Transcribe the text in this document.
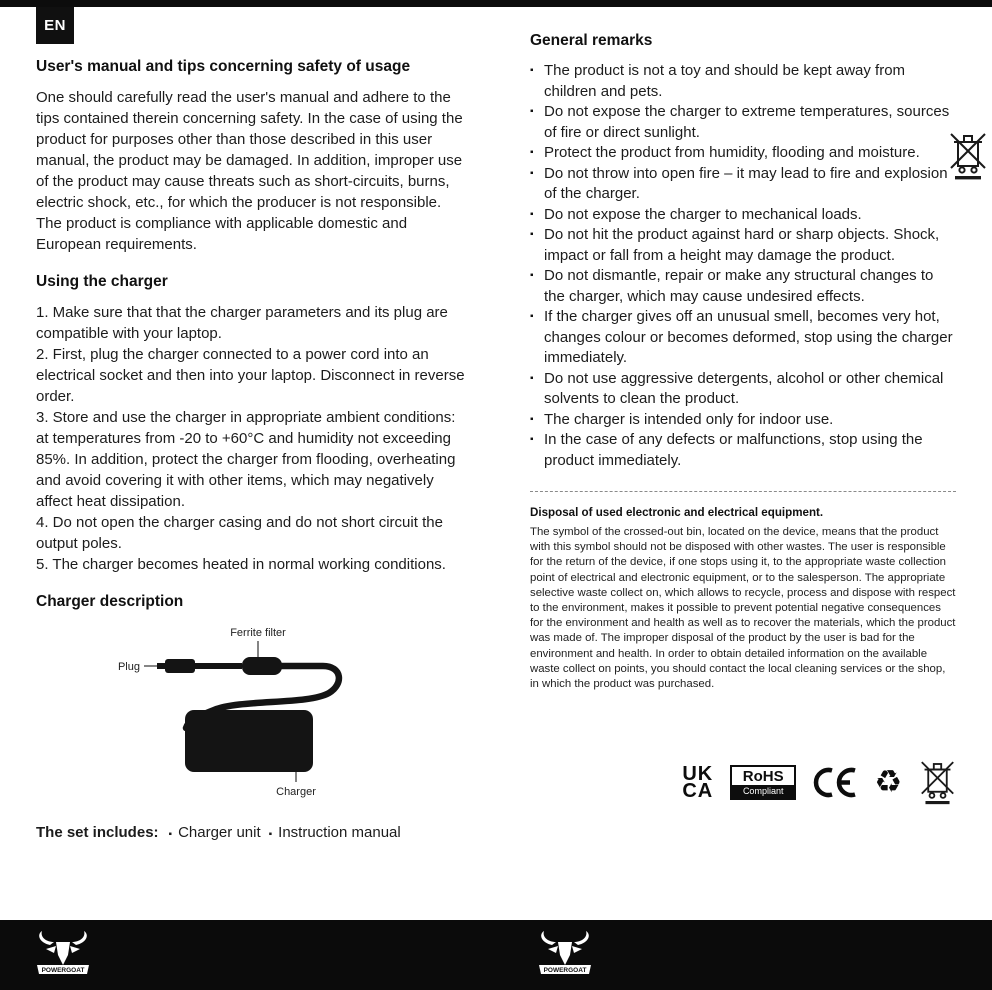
EN
User's manual and tips concerning safety of usage

One should carefully read the user's manual and adhere to the tips contained therein concerning safety. In the case of using the product for purposes other than those described in this user manual, the product may be damaged. In addition, improper use of the product may cause threats such as short-circuits, burns, electric shock, etc., for which the producer is not responsible. The product is compliance with applicable domestic and European requirements.

Using the charger

1. Make sure that that the charger parameters and its plug are compatible with your laptop.

2. First, plug the charger connected to a power cord into an electrical socket and then into your laptop. Disconnect in reverse order.

3. Store and use the charger in appropriate ambient conditions: at temperatures from -20 to +60°C and humidity not exceeding 85%. In addition, protect the charger from flooding, overheating and avoid covering it with other items, which may negatively affect heat dissipation.

4. Do not open the charger casing and do not short circuit the output poles.

5. The charger becomes heated in normal working conditions.

Charger description
Ferrite filter
Plug
Charger
The set includes: ▪ Charger unit ▪ Instruction manual
General remarks
▪ The product is not a toy and should be kept away from children and pets.
▪ Do not expose the charger to extreme temperatures, sources of fire or direct sunlight.
▪ Protect the product from humidity, flooding and moisture.
▪ Do not throw into open fire – it may lead to fire and explosion of the charger.
▪ Do not expose the charger to mechanical loads.
▪ Do not hit the product against hard or sharp objects. Shock, impact or fall from a height may damage the product.
▪ Do not dismantle, repair or make any structural changes to the charger, which may cause undesired effects.
▪ If the charger gives off an unusual smell, becomes very hot, changes colour or becomes deformed, stop using the charger immediately.
▪ Do not use aggressive detergents, alcohol or other chemical solvents to clean the product.
▪ The charger is intended only for indoor use.
▪ In the case of any defects or malfunctions, stop using the product immediately.
Disposal of used electronic and electrical equipment.

The symbol of the crossed-out bin, located on the device, means that the product with this symbol should not be disposed with other wastes. The user is responsible for the return of the device, if one stops using it, to the appropriate waste collection point of electrical and electronic equipment, or to the salesperson. The appropriate selective waste collect on, which allows to recycle, process and dispose with respect to the environment, makes it possible to prevent potential negative consequences for the environment and health as well as to recover the materials, which the product was made of. The improper disposal of the product by the user is bad for the environment and health. In order to obtain detailed information on the available waste collect on points, you should contact the local cleaning services or the shop, in which the product was purchased.

UK
CA
RoHS
Compliant	♻
POWERGOAT	POWERGOAT
